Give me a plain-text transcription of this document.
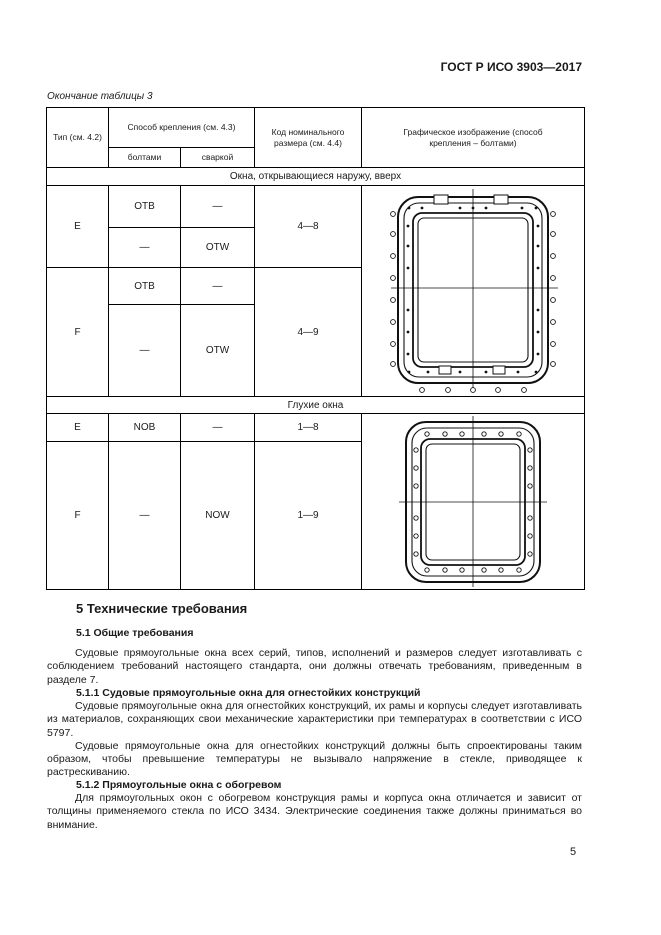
ГОСТ Р ИСО 3903—2017
Окончание таблицы 3
Тип (см. 4.2)	Способ крепления (см. 4.3)		Код номинального размера (см. 4.4)	Графическое изображение (способ крепления – болтами)
	болтами	сваркой		
Окна, открывающиеся наружу, вверх				
E	OTB	—	4—8	

	—	OTW		
F	OTB	—	4—9	
	—	OTW		
Глухие окна				
E	NOB	—	1—8	

F	—	NOW	1—9	
5 Технические требования
5.1 Общие требования

Судовые прямоугольные окна всех серий, типов, исполнений и размеров следует изготавливать с соблюдением требований настоящего стандарта, они должны отвечать требованиям, приведенным в разделе 7.

5.1.1 Судовые прямоугольные окна для огнестойких конструкций

Судовые прямоугольные окна для огнестойких конструкций, их рамы и корпусы следует изготавливать из материалов, сохраняющих свои механические характеристики при температурах в соответствии с ИСО 5797.

Судовые прямоугольные окна для огнестойких конструкций должны быть спроектированы таким образом, чтобы превышение температуры не вызывало напряжение в стекле, приводящее к растрескиванию.

5.1.2 Прямоугольные окна с обогревом

Для прямоугольных окон с обогревом конструкция рамы и корпуса окна отличается и зависит от толщины применяемого стекла по ИСО 3434. Электрические соединения также должны приниматься во внимание.

5
